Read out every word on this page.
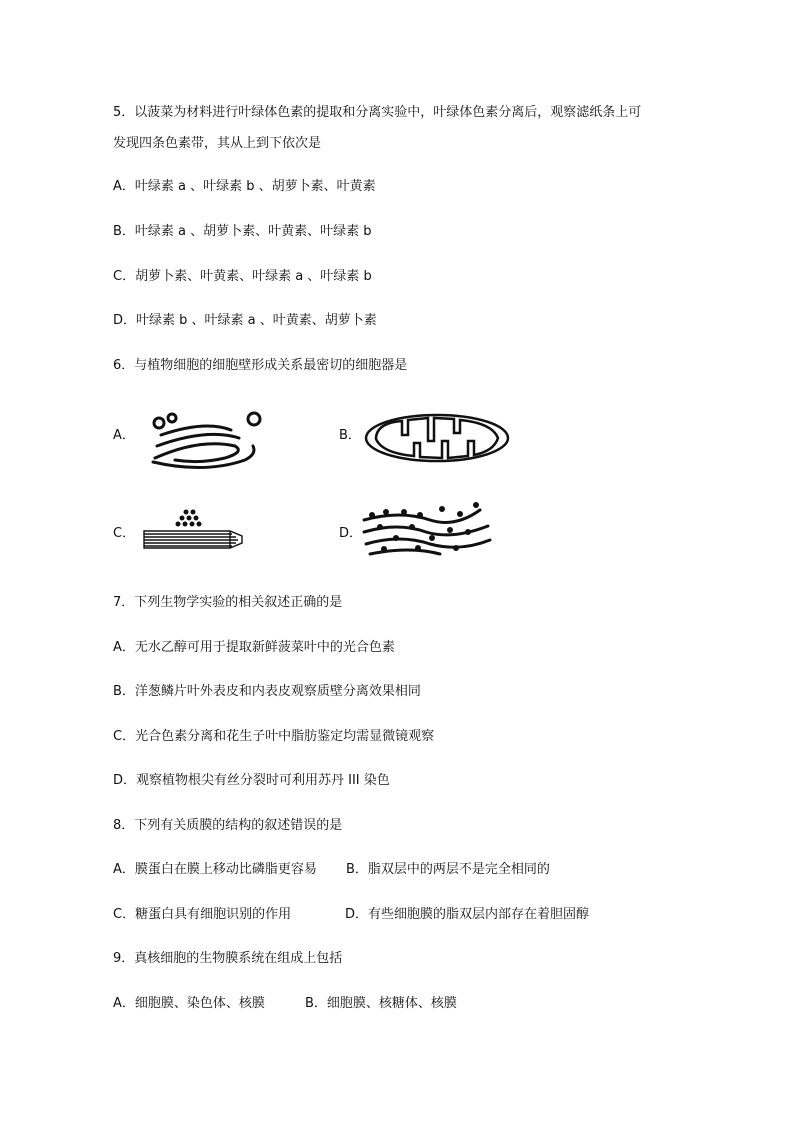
5．以菠菜为材料进行叶绿体色素的提取和分离实验中，叶绿体色素分离后，观察滤纸条上可
发现四条色素带，其从上到下依次是
A．叶绿素 a 、叶绿素 b 、胡萝卜素、叶黄素
B．叶绿素 a 、胡萝卜素、叶黄素、叶绿素 b
C．胡萝卜素、叶黄素、叶绿素 a 、叶绿素 b
D．叶绿素 b 、叶绿素 a 、叶黄素、胡萝卜素
6．与植物细胞的细胞壁形成关系最密切的细胞器是
A．	B．
C．	D．
7．下列生物学实验的相关叙述正确的是
A．无水乙醇可用于提取新鲜菠菜叶中的光合色素
B．洋葱鳞片叶外表皮和内表皮观察质壁分离效果相同
C．光合色素分离和花生子叶中脂肪鉴定均需显微镜观察
D．观察植物根尖有丝分裂时可利用苏丹 III 染色
8．下列有关质膜的结构的叙述错误的是
A．膜蛋白在膜上移动比磷脂更容易 B．脂双层中的两层不是完全相同的
C．糖蛋白具有细胞识别的作用	D．有些细胞膜的脂双层内部存在着胆固醇
9．真核细胞的生物膜系统在组成上包括
A．细胞膜、染色体、核膜	B．细胞膜、核糖体、核膜
